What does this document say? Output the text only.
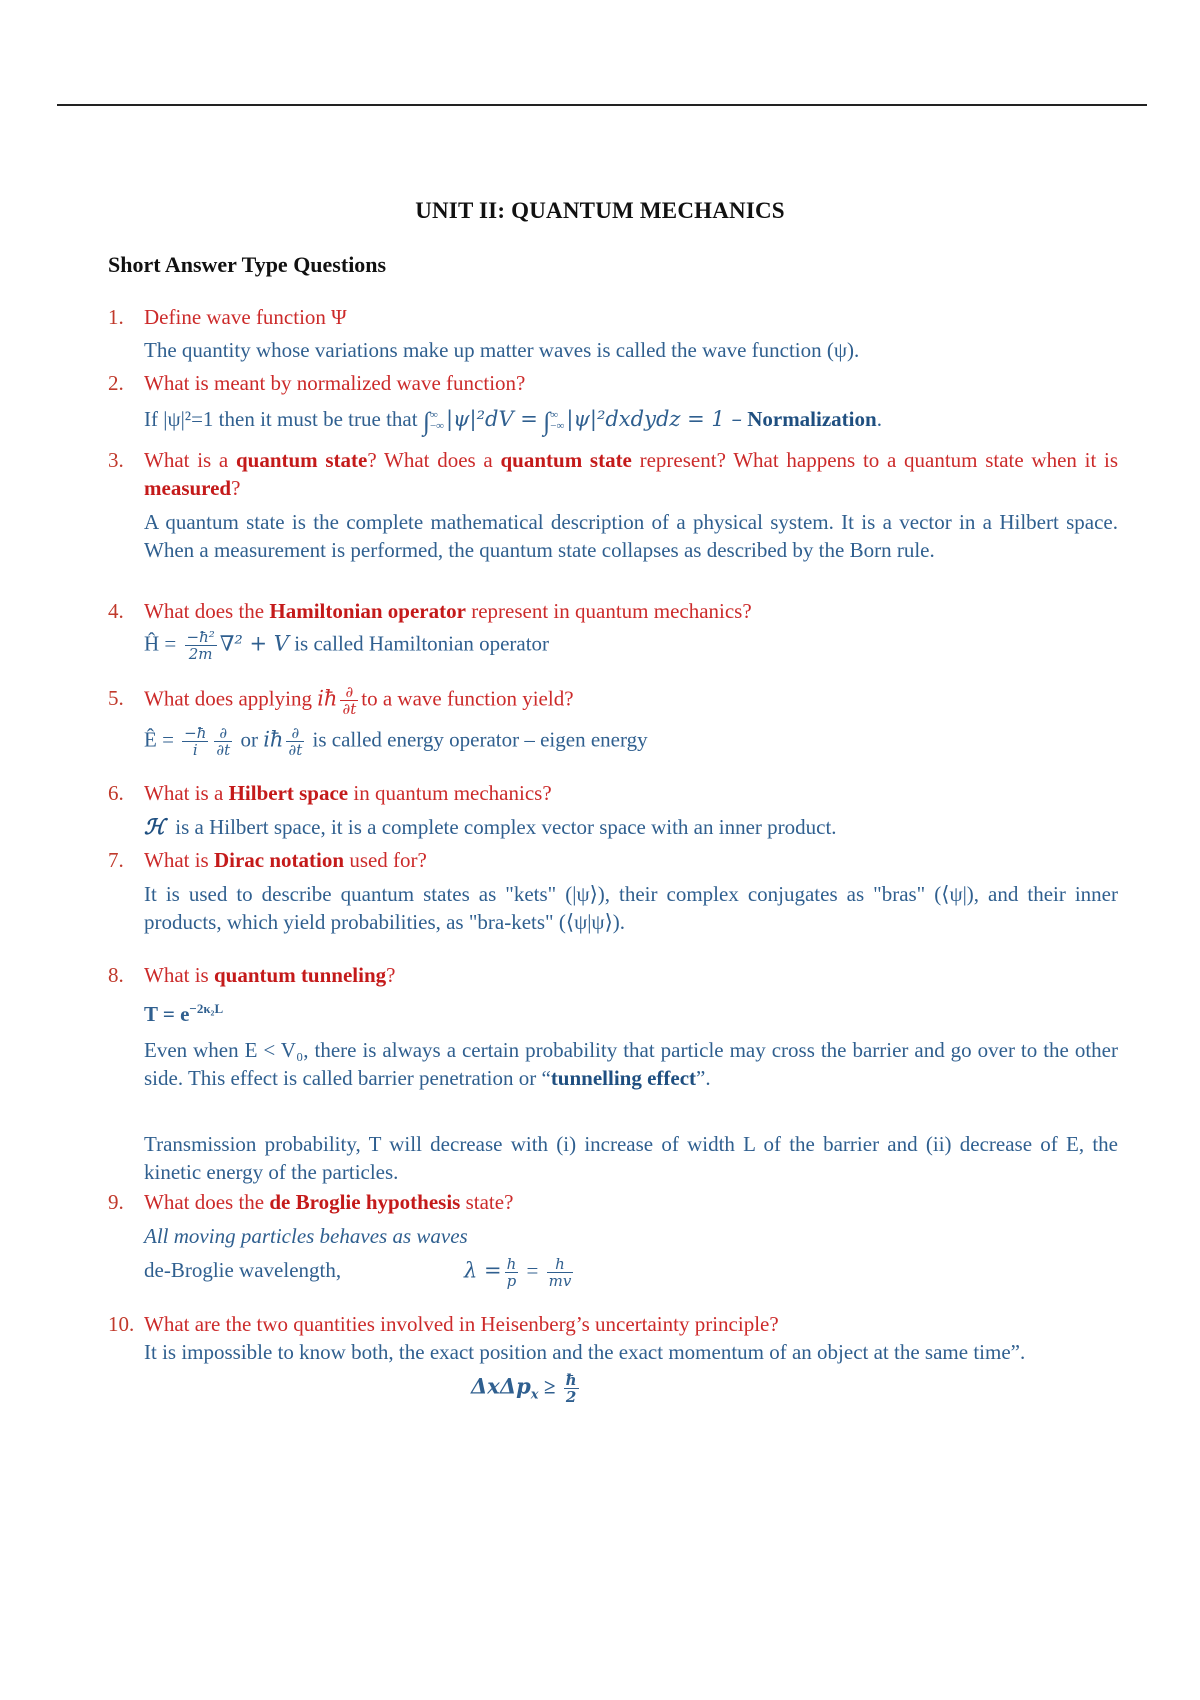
UNIT II: QUANTUM MECHANICS
Short Answer Type Questions
1. Define wave function Ψ
The quantity whose variations make up matter waves is called the wave function (ψ).
2. What is meant by normalized wave function?
If |ψ|²=1 then it must be true that ∫ ∞
−∞ |ψ|²dV = ∫ ∞
−∞ |ψ|²dxdydz = 1 – Normalization.
3. What is a quantum state? What does a quantum state represent? What happens to a quantum state when it is measured?
A quantum state is the complete mathematical description of a physical system. It is a vector in a Hilbert space. When a measurement is performed, the quantum state collapses as described by the Born rule.
4. What does the Hamiltonian operator represent in quantum mechanics?
Ĥ = $\frac{\text{−ħ²}}{2m} \nabla^2 + V$ is called Hamiltonian operator
5. What does applying iħ $\frac{\partial}{\partial t}$ to a wave function yield?
Ê = $\frac{-ħ}{i} \frac{\partial}{\partial t}$ or iħ $\frac{\partial}{\partial t}$ is called energy operator – eigen energy
6. What is a Hilbert space in quantum mechanics?
ℋ is a Hilbert space, it is a complete complex vector space with an inner product.
7. What is Dirac notation used for?
It is used to describe quantum states as "kets" (|ψ⟩), their complex conjugates as "bras" (⟨ψ|), and their inner products, which yield probabilities, as "bra-kets" (⟨ψ|ψ⟩).
8. What is quantum tunneling?
$T = e^{-2\kappa_2L}$
Even when E < V₀, there is always a certain probability that particle may cross the barrier and go over to the other side. This effect is called barrier penetration or “tunnelling effect”.
Transmission probability, T will decrease with (i) increase of width L of the barrier and (ii) decrease of E, the kinetic energy of the particles.
9. What does the de Broglie hypothesis state?
All moving particles behaves as waves
de-Broglie wavelength,	$\lambda = \frac{h}{p} = \frac{h}{mv}$
10. What are the two quantities involved in Heisenberg’s uncertainty principle?
It is impossible to know both, the exact position and the exact momentum of an object at the same time”.
$\Delta x\Delta p_x \ge \frac{ħ}{2}$
